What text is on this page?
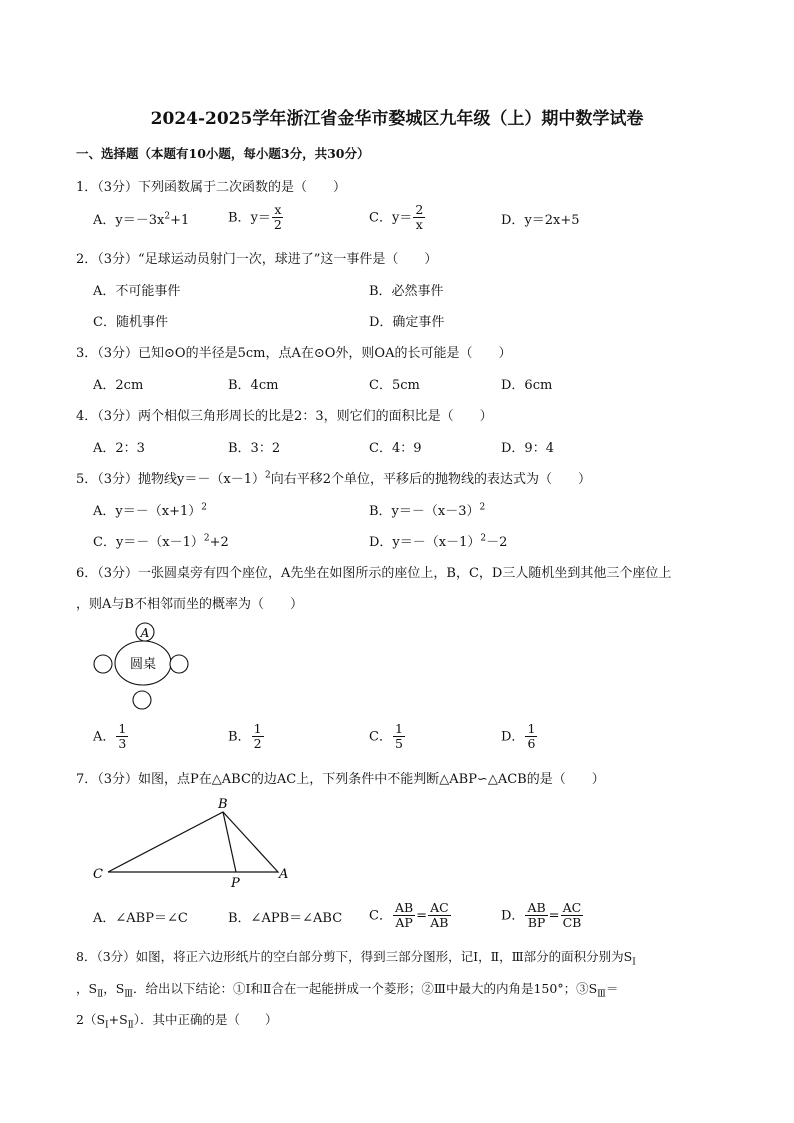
2024-2025学年浙江省金华市婺城区九年级（上）期中数学试卷
一、选择题（本题有10小题，每小题3分，共30分）
1．（3分）下列函数属于二次函数的是（　　）
A．$y=-3x^2+1$	B．$y= \frac{x}{2}$	C．$y= \frac{2}{x}$	D．y＝2x+5
2．（3分）“足球运动员射门一次，球进了”这一事件是（　　）
A．不可能事件	B．必然事件
C．随机事件	D．确定事件
3．（3分）已知⊙O的半径是5cm，点A在⊙O外，则OA的长可能是（　　）
A．2cm	B．4cm	C．5cm	D．6cm
4．（3分）两个相似三角形周长的比是2：3，则它们的面积比是（　　）
A．2：3	B．3：2	C．4：9	D．9：4
5．（3分）抛物线$y=-(x-1)^2$向右平移2个单位，平移后的抛物线的表达式为（　　）
A．$y=-(x+1)^2$	B．$y=-(x-3)^2$
C．$y=-(x-1)^2+2$	D．$y=-(x-1)^2-2$
6．（3分）一张圆桌旁有四个座位，A先坐在如图所示的座位上，B，C，D三人随机坐到其他三个座位上
，则A与B不相邻而坐的概率为（　　）
圆桌
A
A． $\frac{1}{3}$	B． $\frac{1}{2}$	C． $\frac{1}{5}$	D． $\frac{1}{6}$
7．（3分）如图，点P在△ABC的边AC上，下列条件中不能判断△ABP∽△ACB的是（　　）
B
C
P
A
A．∠ABP＝∠C	B．∠APB＝∠ABC C． $\frac{AB}{AP} = \frac{AC}{AB}$	D． $\frac{AB}{BP} = \frac{AC}{CB}$
8．（3分）如图，将正六边形纸片的空白部分剪下，得到三部分图形，记Ⅰ，Ⅱ，Ⅲ部分的面积分别为$S_Ⅰ$
，$S_Ⅱ$，$S_Ⅲ$．给出以下结论：①Ⅰ和Ⅱ合在一起能拼成一个菱形；②Ⅲ中最大的内角是150°；$③S_Ⅲ=$
$2(S_Ⅰ+S_Ⅱ)$．其中正确的是（　　）
